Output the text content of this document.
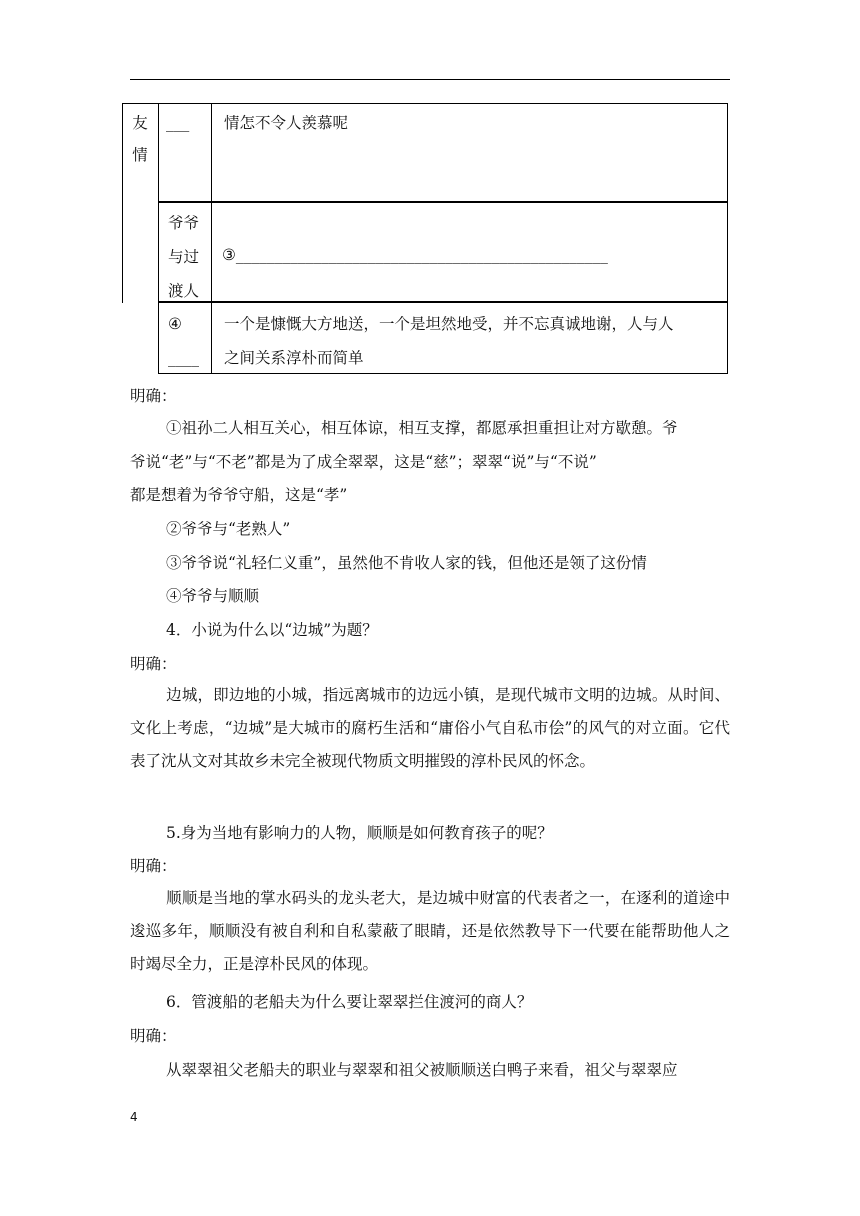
友
情
___ 情怎不令人羡慕呢
爷爷
与过
渡人
③________________________________________________
④
____
一个是慷慨大方地送，一个是坦然地受，并不忘真诚地谢，人与人
之间关系淳朴而简单
明确：
①祖孙二人相互关心，相互体谅，相互支撑，都愿承担重担让对方歇憩。爷
爷说“老”与“不老”都是为了成全翠翠，这是“慈”；翠翠“说”与“不说”
都是想着为爷爷守船，这是“孝”
②爷爷与“老熟人”
③爷爷说“礼轻仁义重”，虽然他不肯收人家的钱，但他还是领了这份情
④爷爷与顺顺
4．小说为什么以“边城”为题？
明确：
边城，即边地的小城，指远离城市的边远小镇，是现代城市文明的边城。从时间、文化上考虑，“边城”是大城市的腐朽生活和“庸俗小气自私市侩”的风气的对立面。它代表了沈从文对其故乡未完全被现代物质文明摧毁的淳朴民风的怀念。
5.身为当地有影响力的人物，顺顺是如何教育孩子的呢？
明确：
顺顺是当地的掌水码头的龙头老大，是边城中财富的代表者之一，在逐利的道途中逡巡多年，顺顺没有被自利和自私蒙蔽了眼睛，还是依然教导下一代要在能帮助他人之时竭尽全力，正是淳朴民风的体现。
6．管渡船的老船夫为什么要让翠翠拦住渡河的商人？
明确：
从翠翠祖父老船夫的职业与翠翠和祖父被顺顺送白鸭子来看，祖父与翠翠应
4
